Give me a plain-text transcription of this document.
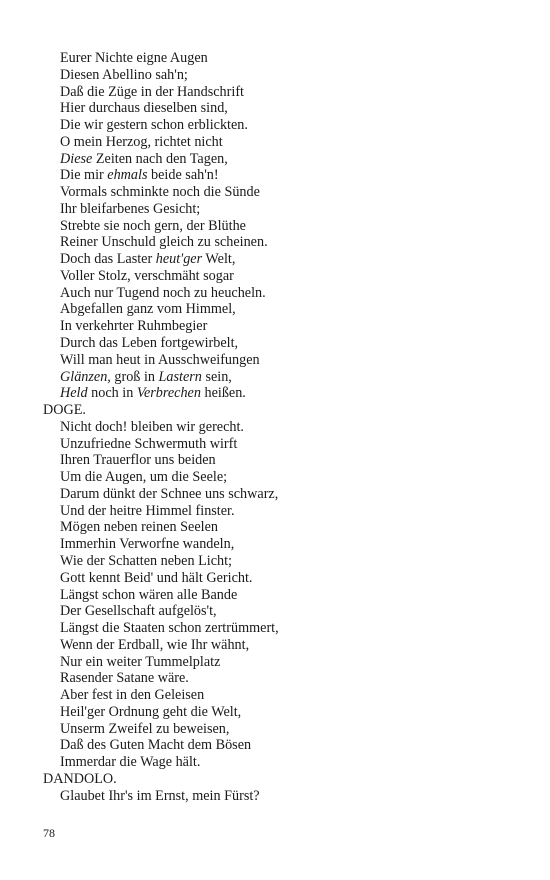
Eurer Nichte eigne Augen
Diesen Abellino sah'n;
Daß die Züge in der Handschrift
Hier durchaus dieselben sind,
Die wir gestern schon erblickten.
O mein Herzog, richtet nicht
Diese Zeiten nach den Tagen,
Die mir ehmals beide sah'n!
Vormals schminkte noch die Sünde
Ihr bleifarbenes Gesicht;
Strebte sie noch gern, der Blüthe
Reiner Unschuld gleich zu scheinen.
Doch das Laster heut'ger Welt,
Voller Stolz, verschmäht sogar
Auch nur Tugend noch zu heucheln.
Abgefallen ganz vom Himmel,
In verkehrter Ruhmbegier
Durch das Leben fortgewirbelt,
Will man heut in Ausschweifungen
Glänzen, groß in Lastern sein,
Held noch in Verbrechen heißen.
DOGE.
Nicht doch! bleiben wir gerecht.
Unzufriedne Schwermuth wirft
Ihren Trauerflor uns beiden
Um die Augen, um die Seele;
Darum dünkt der Schnee uns schwarz,
Und der heitre Himmel finster.
Mögen neben reinen Seelen
Immerhin Verworfne wandeln,
Wie der Schatten neben Licht;
Gott kennt Beid' und hält Gericht.
Längst schon wären alle Bande
Der Gesellschaft aufgelös't,
Längst die Staaten schon zertrümmert,
Wenn der Erdball, wie Ihr wähnt,
Nur ein weiter Tummelplatz
Rasender Satane wäre.
Aber fest in den Geleisen
Heil'ger Ordnung geht die Welt,
Unserm Zweifel zu beweisen,
Daß des Guten Macht dem Bösen
Immerdar die Wage hält.
DANDOLO.
Glaubet Ihr's im Ernst, mein Fürst?
78
